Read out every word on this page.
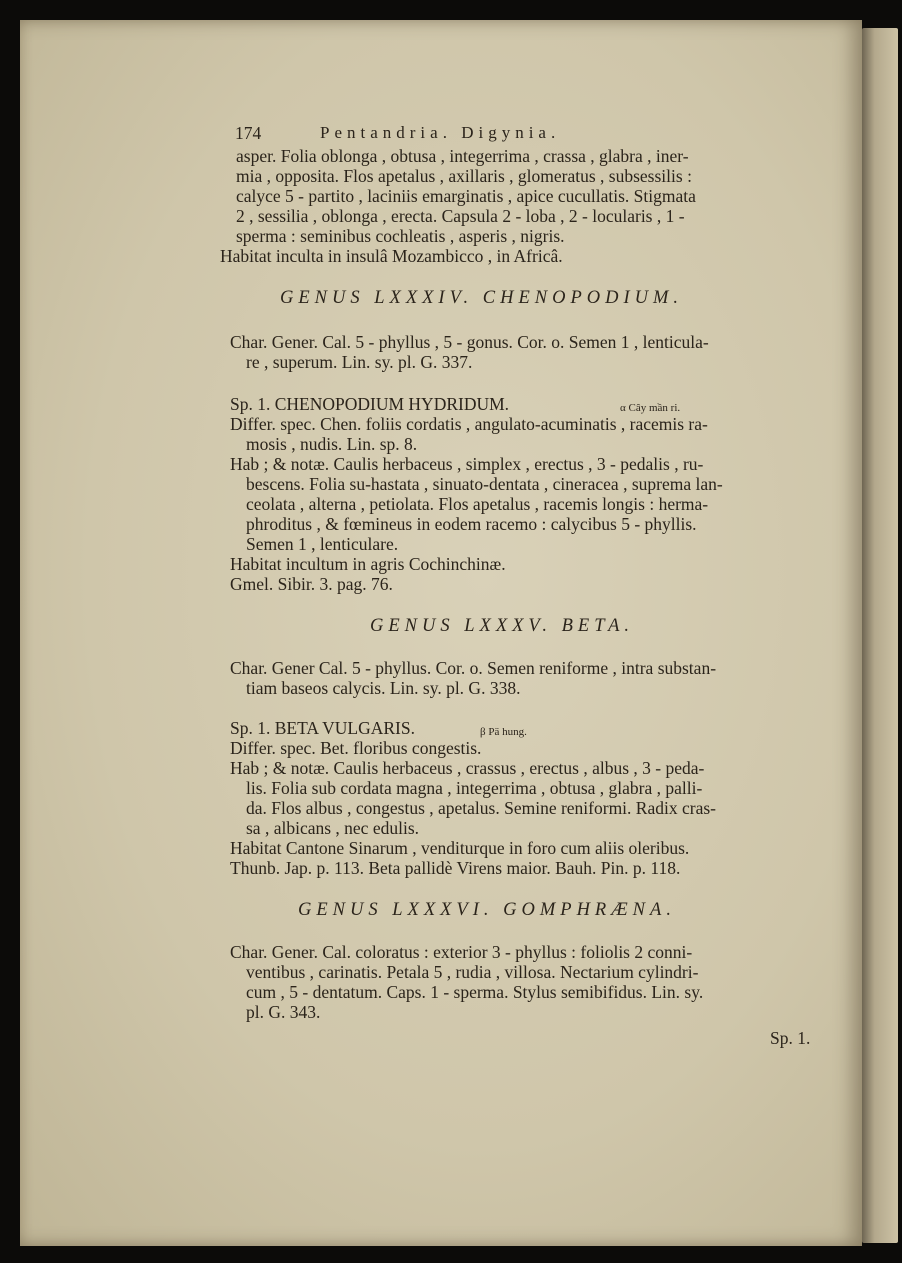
174	Pentandria. Digynia.
asper. Folia oblonga , obtusa , integerrima , crassa , glabra , iner-
mia , opposita. Flos apetalus , axillaris , glomeratus , subsessilis :
calyce 5 - partito , laciniis emarginatis , apice cucullatis. Stigmata
2 , sessilia , oblonga , erecta. Capsula 2 - loba , 2 - locularis , 1 -
sperma : seminibus cochleatis , asperis , nigris.
Habitat inculta in insulâ Mozambicco , in Africâ.
GENUS LXXXIV. CHENOPODIUM.
Char. Gener. Cal. 5 - phyllus , 5 - gonus. Cor. o. Semen 1 , lenticula-
re , superum. Lin. sy. pl. G. 337.
Sp. 1. CHENOPODIUM HYDRIDUM.	α Cây mần ri.
Differ. spec. Chen. foliis cordatis , angulato-acuminatis , racemis ra-
mosis , nudis. Lin. sp. 8.
Hab ; & notæ. Caulis herbaceus , simplex , erectus , 3 - pedalis , ru-
bescens. Folia su-hastata , sinuato-dentata , cineracea , suprema lan-
ceolata , alterna , petiolata. Flos apetalus , racemis longis : herma-
phroditus , & fœmineus in eodem racemo : calycibus 5 - phyllis.
Semen 1 , lenticulare.
Habitat incultum in agris Cochinchinæ.
Gmel. Sibir. 3. pag. 76.
GENUS LXXXV. BETA.
Char. Gener Cal. 5 - phyllus. Cor. o. Semen reniforme , intra substan-
tiam baseos calycis. Lin. sy. pl. G. 338.
Sp. 1. BETA VULGARIS.	β Pä hung.
Differ. spec. Bet. floribus congestis.
Hab ; & notæ. Caulis herbaceus , crassus , erectus , albus , 3 - peda-
lis. Folia sub cordata magna , integerrima , obtusa , glabra , palli-
da. Flos albus , congestus , apetalus. Semine reniformi. Radix cras-
sa , albicans , nec edulis.
Habitat Cantone Sinarum , venditurque in foro cum aliis oleribus.
Thunb. Jap. p. 113. Beta pallidè Virens maior. Bauh. Pin. p. 118.
GENUS LXXXVI. GOMPHRÆNA.
Char. Gener. Cal. coloratus : exterior 3 - phyllus : foliolis 2 conni-
ventibus , carinatis. Petala 5 , rudia , villosa. Nectarium cylindri-
cum , 5 - dentatum. Caps. 1 - sperma. Stylus semibifidus. Lin. sy.
pl. G. 343.
Sp. 1.
